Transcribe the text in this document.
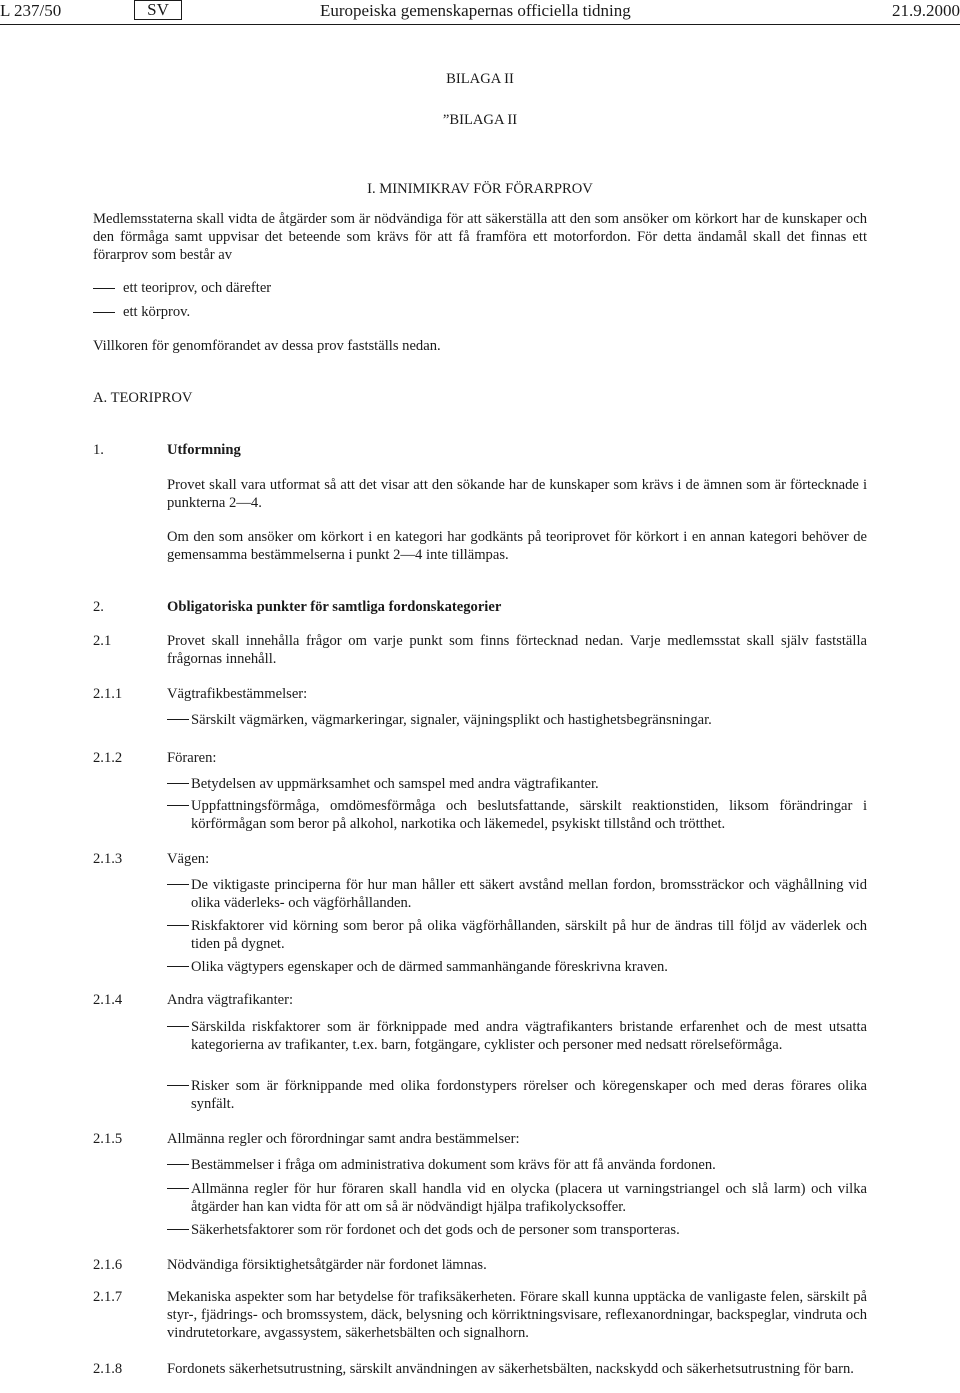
L 237/50	SV	Europeiska gemenskapernas officiella tidning	21.9.2000
BILAGA II
”BILAGA II
I. MINIMIKRAV FÖR FÖRARPROV
Medlemsstaterna skall vidta de åtgärder som är nödvändiga för att säkerställa att den som ansöker om körkort har de kunskaper och den förmåga samt uppvisar det beteende som krävs för att få framföra ett motorfordon. För detta ändamål skall det finnas ett förarprov som består av
ett teoriprov, och därefter
ett körprov.
Villkoren för genomförandet av dessa prov fastställs nedan.
A. TEORIPROV
1.	Utformning
Provet skall vara utformat så att det visar att den sökande har de kunskaper som krävs i de ämnen som är förtecknade i punkterna 2—4.
Om den som ansöker om körkort i en kategori har godkänts på teoriprovet för körkort i en annan kategori behöver de gemensamma bestämmelserna i punkt 2—4 inte tillämpas.
2.	Obligatoriska punkter för samtliga fordonskategorier
2.1	Provet skall innehålla frågor om varje punkt som finns förtecknad nedan. Varje medlemsstat skall själv fastställa frågornas innehåll.
2.1.1	Vägtrafikbestämmelser:
Särskilt vägmärken, vägmarkeringar, signaler, väjningsplikt och hastighetsbegränsningar.
2.1.2	Föraren:
Betydelsen av uppmärksamhet och samspel med andra vägtrafikanter.
Uppfattningsförmåga, omdömesförmåga och beslutsfattande, särskilt reaktionstiden, liksom förändringar i körförmågan som beror på alkohol, narkotika och läkemedel, psykiskt tillstånd och trötthet.
2.1.3	Vägen:
De viktigaste principerna för hur man håller ett säkert avstånd mellan fordon, bromssträckor och väghållning vid olika väderleks- och vägförhållanden.
Riskfaktorer vid körning som beror på olika vägförhållanden, särskilt på hur de ändras till följd av väderlek och tiden på dygnet.
Olika vägtypers egenskaper och de därmed sammanhängande föreskrivna kraven.
2.1.4	Andra vägtrafikanter:
Särskilda riskfaktorer som är förknippade med andra vägtrafikanters bristande erfarenhet och de mest utsatta kategorierna av trafikanter, t.ex. barn, fotgängare, cyklister och personer med nedsatt rörelseförmåga.
Risker som är förknippande med olika fordonstypers rörelser och köregenskaper och med deras förares olika synfält.
2.1.5	Allmänna regler och förordningar samt andra bestämmelser:
Bestämmelser i fråga om administrativa dokument som krävs för att få använda fordonen.
Allmänna regler för hur föraren skall handla vid en olycka (placera ut varningstriangel och slå larm) och vilka åtgärder han kan vidta för att om så är nödvändigt hjälpa trafikolycksoffer.
Säkerhetsfaktorer som rör fordonet och det gods och de personer som transporteras.
2.1.6	Nödvändiga försiktighetsåtgärder när fordonet lämnas.
2.1.7	Mekaniska aspekter som har betydelse för trafiksäkerheten. Förare skall kunna upptäcka de vanligaste felen, särskilt på styr-, fjädrings- och bromssystem, däck, belysning och körriktningsvisare, reflexanordningar, backspeglar, vindruta och vindrutetorkare, avgassystem, säkerhetsbälten och signalhorn.
2.1.8	Fordonets säkerhetsutrustning, särskilt användningen av säkerhetsbälten, nackskydd och säkerhetsutrustning för barn.
